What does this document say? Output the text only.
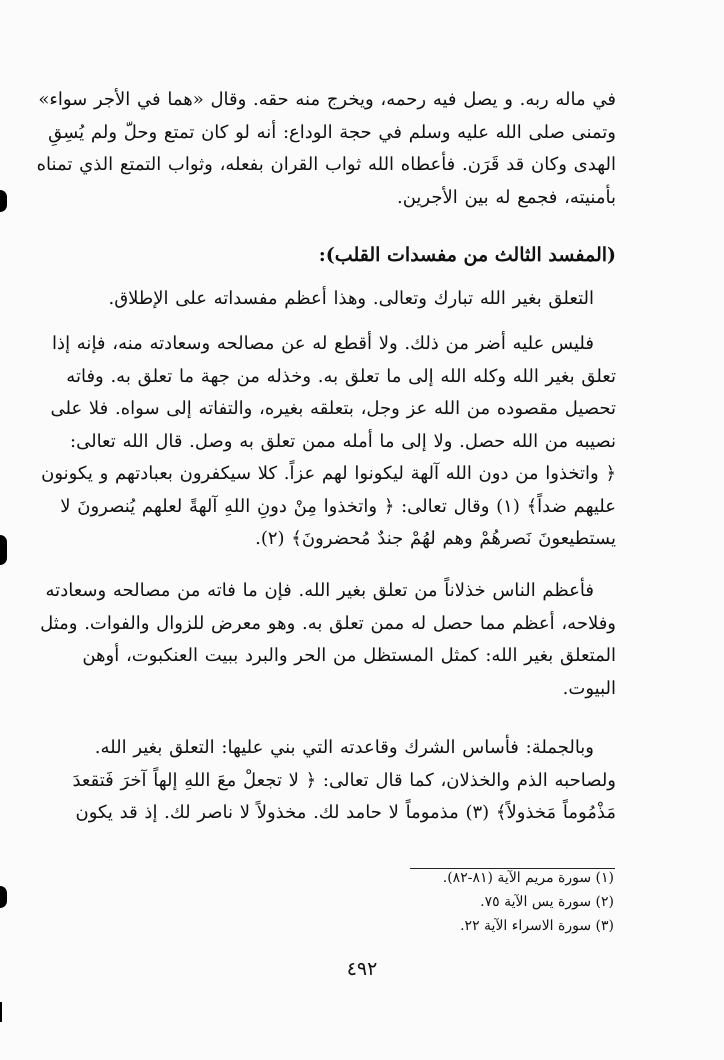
في ماله ربه. و يصل فيه رحمه، ويخرج منه حقه. وقال «هما في الأجر سواء»
وتمنى صلى الله عليه وسلم في حجة الوداع: أنه لو كان تمتع وحلّ ولم يُسِقِ
الهدى وكان قد قَرَن. فأعطاه الله ثواب القران بفعله، وثواب التمتع الذي تمناه
بأمنيته، فجمع له بين الأجرين.
(المفسد الثالث من مفسدات القلب):
التعلق بغير الله تبارك وتعالى. وهذا أعظم مفسداته على الإطلاق.
فليس عليه أضر من ذلك. ولا أقطع له عن مصالحه وسعادته منه، فإنه إذا
تعلق بغير الله وكله الله إلى ما تعلق به. وخذله من جهة ما تعلق به. وفاته
تحصيل مقصوده من الله عز وجل، بتعلقه بغيره، والتفاته إلى سواه. فلا على
نصيبه من الله حصل. ولا إلى ما أمله ممن تعلق به وصل. قال الله تعالى:
﴿ واتخذوا من دون الله آلهة ليكونوا لهم عزاً. كلا سيكفرون بعبادتهم و يكونون
عليهم ضداً﴾ (١) وقال تعالى: ﴿ واتخذوا مِنْ دونِ اللهِ آلهةً لعلهم يُنصرونَ لا
يستطيعونَ نَصرهُمْ وهم لهُمْ جندٌ مُحضرونَ﴾ (٢).
فأعظم الناس خذلاناً من تعلق بغير الله. فإن ما فاته من مصالحه وسعادته
وفلاحه، أعظم مما حصل له ممن تعلق به. وهو معرض للزوال والفوات. ومثل
المتعلق بغير الله: كمثل المستظل من الحر والبرد ببيت العنكبوت، أوهن
البيوت.
وبالجملة: فأساس الشرك وقاعدته التي بني عليها: التعلق بغير الله.
ولصاحبه الذم والخذلان، كما قال تعالى: ﴿ لا تجعلْ معَ اللهِ إلهاً آخرَ فَتقعدَ
مَذْمُوماً مَخذولاً﴾ (٣) مذموماً لا حامد لك. مخذولاً لا ناصر لك. إذ قد يكون
(١) سورة مريم الآية (٨١-٨٢).
(٢) سورة يس الآية ٧٥.
(٣) سورة الاسراء الآية ٢٢.
٤٩٢
